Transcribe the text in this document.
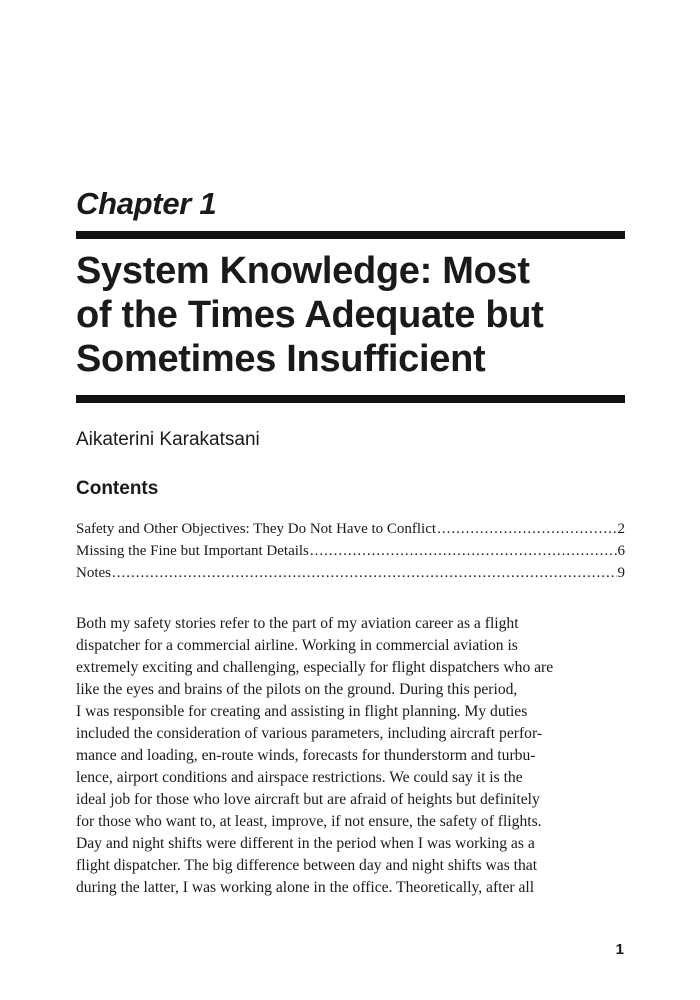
Chapter 1
System Knowledge: Most
of the Times Adequate but
Sometimes Insufficient
Aikaterini Karakatsani
Contents
Safety and Other Objectives: They Do Not Have to Conflict .....	2
Missing the Fine but Important Details .....	6
Notes .....	9

Both my safety stories refer to the part of my aviation career as a flight
dispatcher for a commercial airline. Working in commercial aviation is
extremely exciting and challenging, especially for flight dispatchers who are
like the eyes and brains of the pilots on the ground. During this period,
I was responsible for creating and assisting in flight planning. My duties
included the consideration of various parameters, including aircraft perfor-
mance and loading, en-route winds, forecasts for thunderstorm and turbu-
lence, airport conditions and airspace restrictions. We could say it is the
ideal job for those who love aircraft but are afraid of heights but definitely
for those who want to, at least, improve, if not ensure, the safety of flights.
Day and night shifts were different in the period when I was working as a
flight dispatcher. The big difference between day and night shifts was that
during the latter, I was working alone in the office. Theoretically, after all

1
